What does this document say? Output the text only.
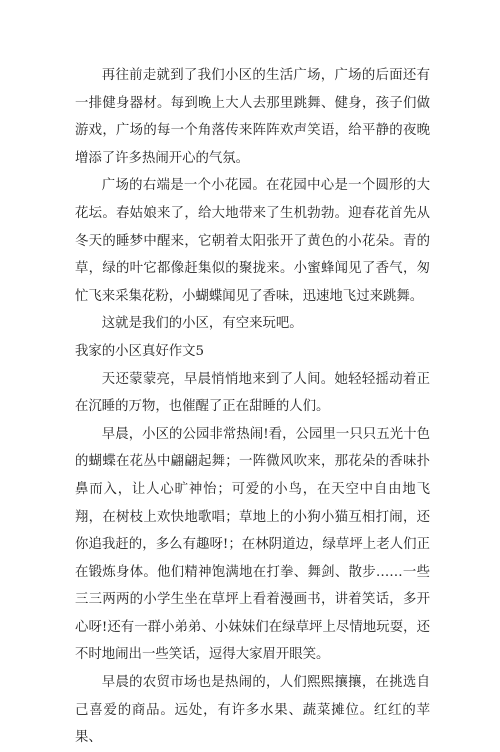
再往前走就到了我们小区的生活广场，广场的后面还有一排健身器材。每到晚上大人去那里跳舞、健身，孩子们做游戏，广场的每一个角落传来阵阵欢声笑语，给平静的夜晚增添了许多热闹开心的气氛。

广场的右端是一个小花园。在花园中心是一个圆形的大花坛。春姑娘来了，给大地带来了生机勃勃。迎春花首先从冬天的睡梦中醒来，它朝着太阳张开了黄色的小花朵。青的草，绿的叶它都像赶集似的聚拢来。小蜜蜂闻见了香气，匆忙飞来采集花粉，小蝴蝶闻见了香味，迅速地飞过来跳舞。

这就是我们的小区，有空来玩吧。

我家的小区真好作文5

天还蒙蒙亮，早晨悄悄地来到了人间。她轻轻摇动着正在沉睡的万物，也催醒了正在甜睡的人们。

早晨，小区的公园非常热闹!看，公园里一只只五光十色的蝴蝶在花丛中翩翩起舞；一阵微风吹来，那花朵的香味扑鼻而入，让人心旷神怡；可爱的小鸟，在天空中自由地飞翔，在树枝上欢快地歌唱；草地上的小狗小猫互相打闹，还你追我赶的，多么有趣呀!；在林阴道边，绿草坪上老人们正在锻炼身体。他们精神饱满地在打拳、舞剑、散步……一些三三两两的小学生坐在草坪上看着漫画书，讲着笑话，多开心呀!还有一群小弟弟、小妹妹们在绿草坪上尽情地玩耍，还不时地闹出一些笑话，逗得大家眉开眼笑。

早晨的农贸市场也是热闹的，人们熙熙攘攘，在挑选自己喜爱的商品。远处，有许多水果、蔬菜摊位。红红的苹果、
